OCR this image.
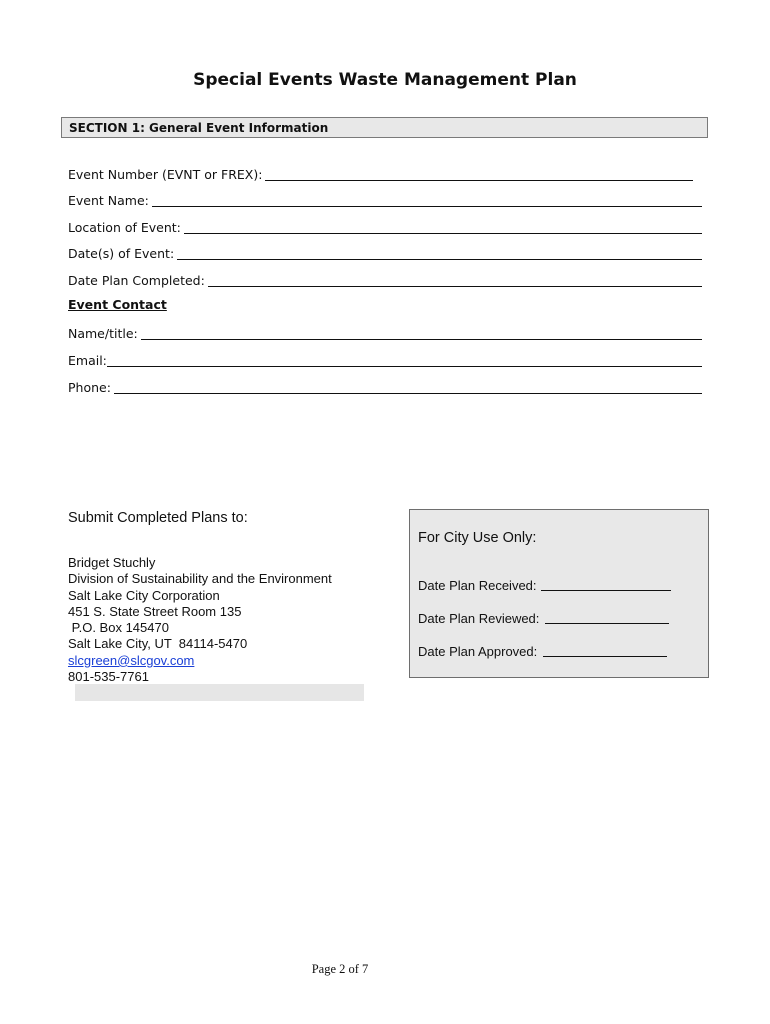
Special Events Waste Management Plan
SECTION 1: General Event Information
Event Number (EVNT or FREX):
Event Name:
Location of Event:
Date(s) of Event:
Date Plan Completed:
Event Contact
Name/title:
Email:
Phone:
Submit Completed Plans to:
Bridget Stuchly
Division of Sustainability and the Environment
Salt Lake City Corporation
451 S. State Street Room 135
P.O. Box 145470
Salt Lake City, UT  84114-5470
slcgreen@slcgov.com
801-535-7761
For City Use Only:
Date Plan Received:
Date Plan Reviewed:
Date Plan Approved:
Page 2 of 7
